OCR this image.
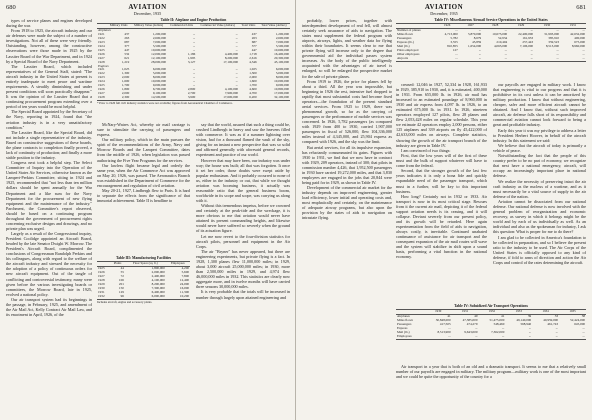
680	AVIATION
December, 1935

types of service planes and engines developed during the war.

From 1918 to 1925, the aircraft industry and our air defenses were made the subject of a number of investigations. Not all of these were very friendly. Outstanding, however, among the constructive observations were those made in 1925 by the Lassiter Board of the War Department, and in 1924 by a Special Board of the Navy Department.

The Lassiter Board, which included representatives of the General Staff, stated: "The aircraft industry in the United States at present is entirely inadequate to meet peace and wartime requirements. A steadily diminishing and under present conditions will soon practically disappear." It was the opinion of the Lassiter Board that a continuing procurement program extending over a period of ten years would be most helpful.

The Special Board appointed by the Secretary of the Navy, reporting in 1924, found that "the aviation industry is in a very unsatisfactory condition."

The Lassiter Board, like the Special Board, did not include a single representative of the industry. Based on constructive suggestions of these boards, the plane contracts to completion finally proved, a lack of continuity of production; and finally a more stable position to the industry.

Congress next took a helpful step. The Select Committee of Inquiry into the Operation of the United States Air Services, otherwise known as the Lampert-Perkins Committee, sitting in 1924 and 1925, recommended that "not less than ten million dollars should be spent annually for the War Department and a like sum for the Navy Department for the procurement of new flying equipment and the maintenance of the industry." Parchment, the Committee's report observed, should be based on a continuing program throughout the government of procurement rights concerning exclusive designs and drawings, and no private plan was urged.

Largely as a result of the Congressional inquiry, President Coolidge appointed an Aircraft Board, headed by the late Senator Dwight W. Morrow. The President's Aircraft Board, complimented the conclusions of Congressman Randolph Perkins and his colleagues, along with regard to the welfare of the aircraft industry and stressed the necessity for the adoption of a policy of continuous orders for new aircraft equipment. Out of the tangle of conflicting and controversial testimony, many were given before the various investigating boards or committees, the Morrow Board, late in 1925, evolved a national policy.

Our air transport system had its beginnings in the passage, in February, 1925, and amendment of the Air Mail Act, Kelly Contract Air Mail Law, and its enactment in April, 1926, of the

Table II: Airplane and Engine Production
	Military Units	Military Value (dollars)	Commercial Units	Commercial Value (dollars)	Total Units	Total Value (dollars)
Airplanes						
1921	437	1,200,000	...	...	437	1,200,000
1922	263	2,600,000	...	...	263	2,600,000
1923	687	7,000,000	...	...	687	7,000,000
1924	377	5,500,000	...	...	377	5,500,000
1925	447	10,600,000	...	...	447	10,600,000
1926	532	12,000,000	1,186	4,400,000	1,718	16,400,000
1927	621	12,100,000	1,995	8,200,000	2,616	20,300,000
1928	1,219	28,000,000	3,127	17,100,000	4,346	45,100,000
Engines						
1921	1,025	6,000,000	...	...	1,025	6,000,000
1922	1,300	5,000,000	...	...	1,300	5,000,000
1923	2,000	8,000,000	...	...	2,000	8,000,000
1924	1,600	10,000,000	...	...	1,600	10,000,000
1925	1,700	9,000,000	...	...	1,700	9,000,000
1926	1,800	6,700,000	2,800	4,100,000	4,600	10,800,000
1927	2,000	9,100,000	2,700	7,900,000	4,700	17,000,000
1928	2,300	14,500,000	3,900	17,600,000	6,200	32,100,000
* Prior to 1926 full civil industry statistics were not available; figures from Aeronautical Chamber of Commerce.

McNary-Watres Act, whereby air mail carriage is sure to stimulate the carrying of passengers and express.

Our military policy, which in the main pursues the spirit of the recommendations of the Army, Navy and Morrow Boards and the Lampert Committee, dates from the middle of 1926, when legislation was passed authorizing the Five Year Programs for the services.

Our lawless flight became legal and orderly the same year, when the Air Commerce Act was approved on May 20, 1926, was passed. The Aeronautics Branch was established in the Department of Commerce for the encouragement and regulation of civil aviation.

May 20-21, 1927, Lindbergh flew to Paris. It is hard to separate the effects from the significance of that immortal achievement. Table II is headline to

Table III: Manufacturing Facilities
	Plants	Floor Space (sq. ft.)	Employees
1925	44	1,800,000	4,200
1926	55	2,000,000	5,600
1927	72	2,400,000	7,800
1928	106	4,100,000	12,400
1929	201	8,200,000	24,000
1930	150	7,300,000	16,000
1931	129	6,400,000	11,300
1932	96	6,000,000	10,200
Includes aircraft, engine and accessory plants.

say that the world, assured that such a thing could be, crushed Lindbergh in heavy and saw the heavens filled with commerce. It was as if a summer lightning over vision, had for a thousand flamed the vault of the sky, giving for an instant a new perspective that was so solid and affirmed generally with aforesaid general records, experiment and practice of our world.

However that may have been, our industry was under way; the house was built; all that was forgotten. It once it set her order, those doubts were swept aside by popular enthusiasm. And it probably occurred to none of us, either in the industry or out, that while we thought aviation was booming business, it actually was reasonable ratio that the general business boom, worldwide in its scope and scope, was carrying us along with it.

Without this tremendous impetus, before we crowned and certainly at the peak-tide and the wreckage, it is more obvious to me that aviation would never have attained its present commanding heights, and likewise would never have suffered so severely when the ground of its actuation figure.

Let me now revert to the four-division statistics for aircraft pilots, personnel and equipment in the Air Corps.

The air "Bryner" has never appeared, but there are engineering experiments, but private flying is a fact. In 1928, 1,300 planes flew 11,000,000 miles; in 1929, about 3,000 aircraft 25,000,000 miles; in 1930, more than 2,500,000 miles in 1929, and 4,974 flew 46,000,000 miles in 1932. This statistics are clearly now aggregate more, and in twelve months will have carried three seasons 30,000,000 miles.

It is very probable that the totals will be increased in number through largely upon attained engineering and

AVIATION
December, 1935
681

probably, lower prices, together with interdependent development of real fell, will almost certainly seek assurance of aids to navigation. The states must supplement the federal program with airports, airways, lights, and weather data for flying within their boundaries. It seems clear to me that private flying will increase only to the degree that governmental aid the individual passes system increases. As the body of the public intelligently acquainted with the advantages of air travel is enlarged, so will be enlarged the prospective market for the sale of private planes.

From 1919 to 1926, the price for planes fell by about a third. All the year was impossible, but beginning in 1926 the rest, intensive fuel dropped to rapidly that most substantial costs had become fixed operators—the foundation of the present standard aerial services. From 1925 to 1929, there was phenomenal growth, so far as the carrying of passengers or the performance of mobile services was concerned. In 1926, 5,782 passengers (as compared with 1929 from 400 to 1930, carried 1,907,000 passengers in fiscal of 526,000, flew 104,336,000 miles instead of 4,345,000, and 25,904 express as compared with 1926, and the sky was the limit.

But aerial services, for all its impulsive expansion, has reluctantly consummated its gains. Figures with 1930 to 1931, we find that we now have in contract with 1929, 209 operators, instead of 300; that pilots in commission number 4,426, that 1,952,500 passengers in 1930 have carried 19,272,000 miles, and that 3,830 employees are engaged in the jobs that 20,844 were being paid for in 1929, as shown in Table IV.

Development of the commercial air market for the industry depends on improved engineering, greater load efficiency, lower initial and operating costs and, most emphatically and certainly, on the maintenance of adequate airway programs, but also upon the provision by the states of aids to navigation on intrastate flying.

Table IV: Miscellaneous Airmail Service Operations in the United States
	1926	1927	1928	1929	1930	1931
Number of planes	...	...	...	...	...	...
Miles flown	4,713,000	5,870,000	10,673,000	22,400,000	31,993,000	42,632,000
Passengers	5,782	8,679	52,934	161,933	385,910	400,000
Express (lb.)	3,555	45,859	210,404	257,443	359,523	675,000
Mail (lb.)	810,855	1,654,000	4,063,000	7,106,000	8,513,000	8,960,000
Pilots employed	127	...	...	...	...	...
Other employees	...	...	...	...	...	...
Airports	...	...	...	...	...	...

creased: 12,046 in 1927, 52,334 in 1928, 161,933 in 1929, 385,910 in 1930, and, it is estimated, 400,000 in 1931. From 655,000 lb. in 1926, air mail has increased to an estimated poundage of 8,960,000 in 1930 and air express from 4,097 lb. in 1926, to an estimated 675,000 lb. in 1931. In 1926, nineteen operators employed 127 pilots, flew 28 planes and flew 2,053,428 miles on regular schedule. This year we estimate 42 operators employ 2,000 persons, either 125 airplanes and 339 airports on fly 45,422,000 of 42,633,000 miles on airways. Complete statistics, showing the growth of the air transport branch of the industry are given in Table IV.

I am convinced of two things:

First, that the low years will of the first of these must and the bulk of support whatever will have to come from the federal.

Second, that the stronger growth of the last few years indicates it is only a bona fide and quickly expandable need of the passenger transport, which must in a further, will be key to this important business.

How long? Certainly not in 1932 or 1933. Air transport is now in its most critical stage. Rescues from it the current air mail, depicting it of the federal support aviation needs is its ceasing, and it will collapse. Deviant severely from our present policy, and its growth will be retarded. Here again experimentation from the field of aids to navigation, always costly, is inevitable. Continued unabated continuance of assistance for air transport and the consequent expansion of the air mail routes will wave and the system will stabilize in shift upon a sound basis, performing a vital function in the national economy.

our payrolls are engaged in military work. I know that engineering is vital to our progress and that it is prohibitive in its cost unless it can be amortized by military production. I know that without engineering, cheaper, safer and more efficient aircraft cannot be obtained. And I know that, without such improved aircraft, air defense falls short of its responsibility and commercial aviation cannot look forward to being a great and profitable industry.

Early this year it was my privilege to address a letter to President Herbert Hoover, in behalf of the aircraft industry. In this statement we said:

We believe that the aircraft of today is primarily a vehicle of peace.

Notwithstanding the fact that the people of this country prefer to be no part of economy, we recognize that next have a national emergency, aircraft, will occupy an increasingly important place in national defense.

We realize the necessity of preserving intact the air craft industry as the nucleus of a wartime, and as it must necessarily be a vital source of supply in the air defense of the nation.

Aviation cannot be dissociated from our national defense. Our national defense is now involved with the general problem of reorganization and economic recovery, as survey in which it belongs might be the world and by each of us individually as well. As an individual and also as the spokesman for industry, I ask this question: What is proper for me to do there?

I am glad to be collected in America's foundation to be collected in preparation, and so I believe the present ratio to the industry to be used. The Air Corps of the United States is officially opposed to any kind of defense, if fold to arms of direction and action the Air Corps and control of the rates determining the aircraft.

Table IV: Subsidized Air Transport Operations
	1930	1931	1932	1933	1934	1935
Airplanes	41	40	41	39	33	38
Miles flown	30,848,000	47,385,000	51,475,000	49,140,000	40,959,000	52,424,000
Passengers	417,505	474,279	548,460	568,940	461,743	645,000
Express	...	...	...	...	...	...
Mail (lb.)	8,513,900	9,643,000	7,362,000	...	...	...
Employees	...	...	...	...	...	...

Air transport in a year that is both of an old and a dramatic transport. It seems to me that a relatively small number of our payrolls are engaged in military. The military program—military work is one of the most important and we could be quite the opportunity of the country for a
